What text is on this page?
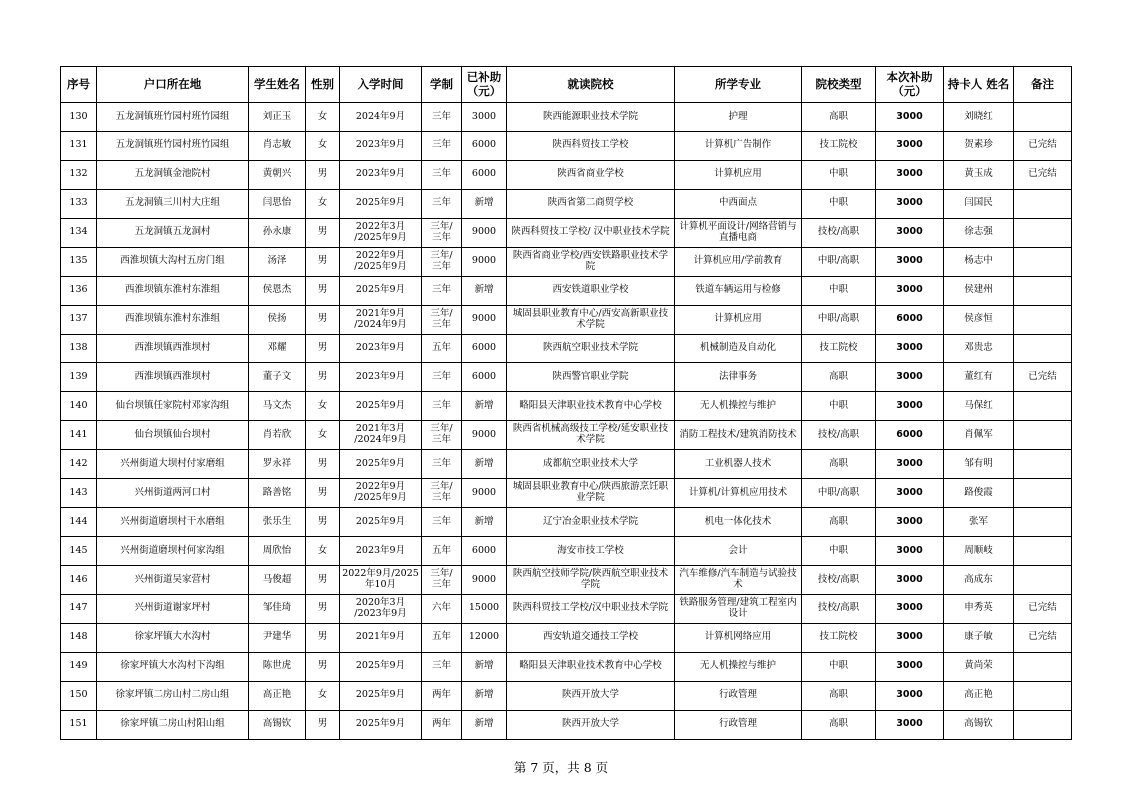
序号	户口所在地	学生姓名	性别	入学时间	学制	已补助
（元）	就读院校	所学专业	院校类型	本次补助
（元）	持卡人 姓名	备注
130	五龙洞镇班竹园村班竹园组	刘正玉	女	2024年9月	三年	3000	陕西能源职业技术学院	护理	高职	3000	刘晓红	
131	五龙洞镇班竹园村班竹园组	肖志敏	女	2023年9月	三年	6000	陕西科贸技工学校	计算机广告制作	技工院校	3000	贺素珍	已完结
132	五龙洞镇金池院村	黄朝兴	男	2023年9月	三年	6000	陕西省商业学校	计算机应用	中职	3000	黄玉成	已完结
133	五龙洞镇三川村大庄组	闫思怡	女	2025年9月	三年	新增	陕西省第二商贸学校	中西面点	中职	3000	闫国民	
134	五龙洞镇五龙洞村	孙永康	男	2022年3月
/2025年9月	三年/
三年	9000	陕西科贸技工学校/ 汉中职业技术学院	计算机平面设计/网络营销与直播电商	技校/高职	3000	徐志强	
135	西淮坝镇大沟村五房门组	汤泽	男	2022年9月
/2025年9月	三年/
三年	9000	陕西省商业学校/西安铁路职业技术学院	计算机应用/学前教育	中职/高职	3000	杨志中	
136	西淮坝镇东淮村东淮组	侯恩杰	男	2025年9月	三年	新增	西安铁道职业学校	铁道车辆运用与检修	中职	3000	侯建州	
137	西淮坝镇东淮村东淮组	侯扬	男	2021年9月
/2024年9月	三年/
三年	9000	城固县职业教育中心/西安高新职业技术学院	计算机应用	中职/高职	6000	侯彦恒	
138	西淮坝镇西淮坝村	邓耀	男	2023年9月	五年	6000	陕西航空职业技术学院	机械制造及自动化	技工院校	3000	邓贵忠	
139	西淮坝镇西淮坝村	董子文	男	2023年9月	三年	6000	陕西警官职业学院	法律事务	高职	3000	董红有	已完结
140	仙台坝镇任家院村邓家沟组	马文杰	女	2025年9月	三年	新增	略阳县天津职业技术教育中心学校	无人机操控与维护	中职	3000	马保红	
141	仙台坝镇仙台坝村	肖若欣	女	2021年3月
/2024年9月	三年/
三年	9000	陕西省机械高级技工学校/延安职业技术学院	消防工程技术/建筑消防技术	技校/高职	6000	肖佩军	
142	兴州街道大坝村付家磨组	罗永祥	男	2025年9月	三年	新增	成都航空职业技术大学	工业机器人技术	高职	3000	邹有明	
143	兴州街道两河口村	路善铭	男	2022年9月
/2025年9月	三年/
三年	9000	城固县职业教育中心/陕西旅游烹饪职业学院	计算机/计算机应用技术	中职/高职	3000	路俊霞	
144	兴州街道磨坝村干水磨组	张乐生	男	2025年9月	三年	新增	辽宁冶金职业技术学院	机电一体化技术	高职	3000	张军	
145	兴州街道磨坝村何家沟组	周欣怡	女	2023年9月	五年	6000	海安市技工学校	会计	中职	3000	周顺岐	
146	兴州街道吴家营村	马俊超	男	2022年9月/2025年10月	三年/
三年	9000	陕西航空技师学院/陕西航空职业技术学院	汽车维修/汽车制造与试验技术	技校/高职	3000	高成东	
147	兴州街道谢家坪村	邹佳琦	男	2020年3月
/2023年9月	六年	15000	陕西科贸技工学校/汉中职业技术学院	铁路服务管理/建筑工程室内设计	技校/高职	3000	申秀英	已完结
148	徐家坪镇大水沟村	尹建华	男	2021年9月	五年	12000	西安轨道交通技工学校	计算机网络应用	技工院校	3000	康子敏	已完结
149	徐家坪镇大水沟村下沟组	陈世虎	男	2025年9月	三年	新增	略阳县天津职业技术教育中心学校	无人机操控与维护	中职	3000	黄尚荣	
150	徐家坪镇二房山村二房山组	高正艳	女	2025年9月	两年	新增	陕西开放大学	行政管理	高职	3000	高正艳	
151	徐家坪镇二房山村阳山组	高锡钦	男	2025年9月	两年	新增	陕西开放大学	行政管理	高职	3000	高锡钦	
第 7 页，共 8 页
